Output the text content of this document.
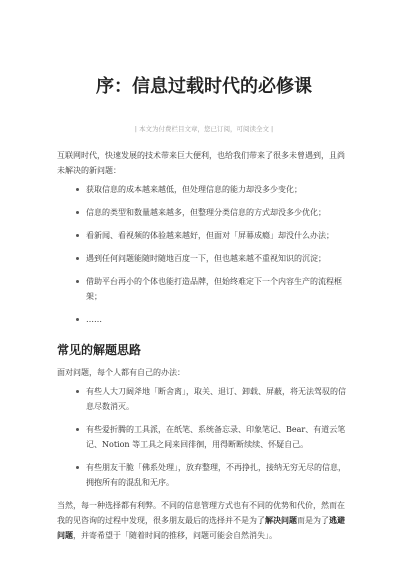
序：信息过载时代的必修课
| 本文为付费栏目文章，您已订阅，可阅读全文 |

互联网时代，快速发展的技术带来巨大便利，也给我们带来了很多未曾遇到，且尚未解决的新问题：

获取信息的成本越来越低，但处理信息的能力却没多少变化；
信息的类型和数量越来越多，但整理分类信息的方式却没多少优化；
看新闻、看视频的体验越来越好，但面对「屏幕成瘾」却没什么办法；
遇到任何问题能随时随地百度一下，但也越来越不重视知识的沉淀；
借助平台再小的个体也能打造品牌，但始终难定下一个内容生产的流程框架；
……
常见的解题思路

面对问题，每个人都有自己的办法：

有些人大刀阔斧地「断舍离」，取关、退订、卸载、屏蔽，将无法驾驭的信息尽数消灭。
有些爱折腾的工具派，在纸笔、系统备忘录、印象笔记、Bear、有道云笔记、Notion 等工具之间来回徘徊，用得断断续续、怀疑自己。
有些朋友干脆「佛系处理」，放弃整理，不再挣扎，接纳无穷无尽的信息，拥抱所有的混乱和无序。

当然，每一种选择都有利弊。不同的信息管理方式也有不同的优势和代价，然而在我的见咨询的过程中发现，很多朋友最后的选择并不是为了解决问题而是为了逃避问题，并寄希望于「随着时间的推移，问题可能会自然消失」。
